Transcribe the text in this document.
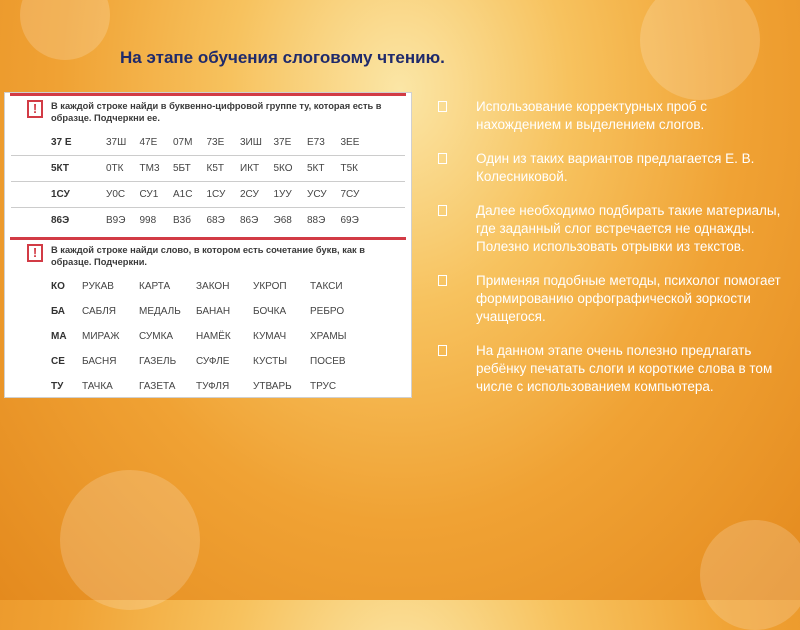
На этапе обучения слоговому чтению.
!	В каждой строке найди в буквенно-цифровой группе ту, которая есть в образце. Подчеркни ее.
37 Е	37Ш 47Е 07М 73Е 3ИШ 37Е Е73 3ЕЕ
5КТ	0ТК ТМ3 5БТ К5Т ИКТ 5КО 5КТ Т5К
1СУ	У0С СУ1 А1С 1СУ 2СУ 1УУ УСУ 7СУ
86Э	В9Э 998 В3б 68Э 86Э Э68 88Э 69Э
!	В каждой строке найди слово, в котором есть сочетание букв, как в образце. Подчеркни.
КО РУКАВ	КАРТА	ЗАКОН УКРОП ТАКСИ
БА САБЛЯ МЕДАЛЬ БАНАН БОЧКА РЕБРО
МА МИРАЖ СУМКА НАМЁК КУМАЧ ХРАМЫ
СЕ БАСНЯ ГАЗЕЛЬ СУФЛЕ КУСТЫ ПОСЕВ
ТУ ТАЧКА	ГАЗЕТА ТУФЛЯ УТВАРЬ ТРУС
Использование корректурных проб с нахождением и выделением слогов.
Один из таких вариантов предлагается Е. В. Колесниковой.
Далее необходимо подбирать такие материалы, где заданный слог встречается не однажды. Полезно использовать отрывки из текстов.
Применяя подобные методы, психолог помогает формированию орфографической зоркости учащегося.
На данном этапе очень полезно предлагать ребёнку печатать слоги и короткие слова в том числе с использованием компьютера.
